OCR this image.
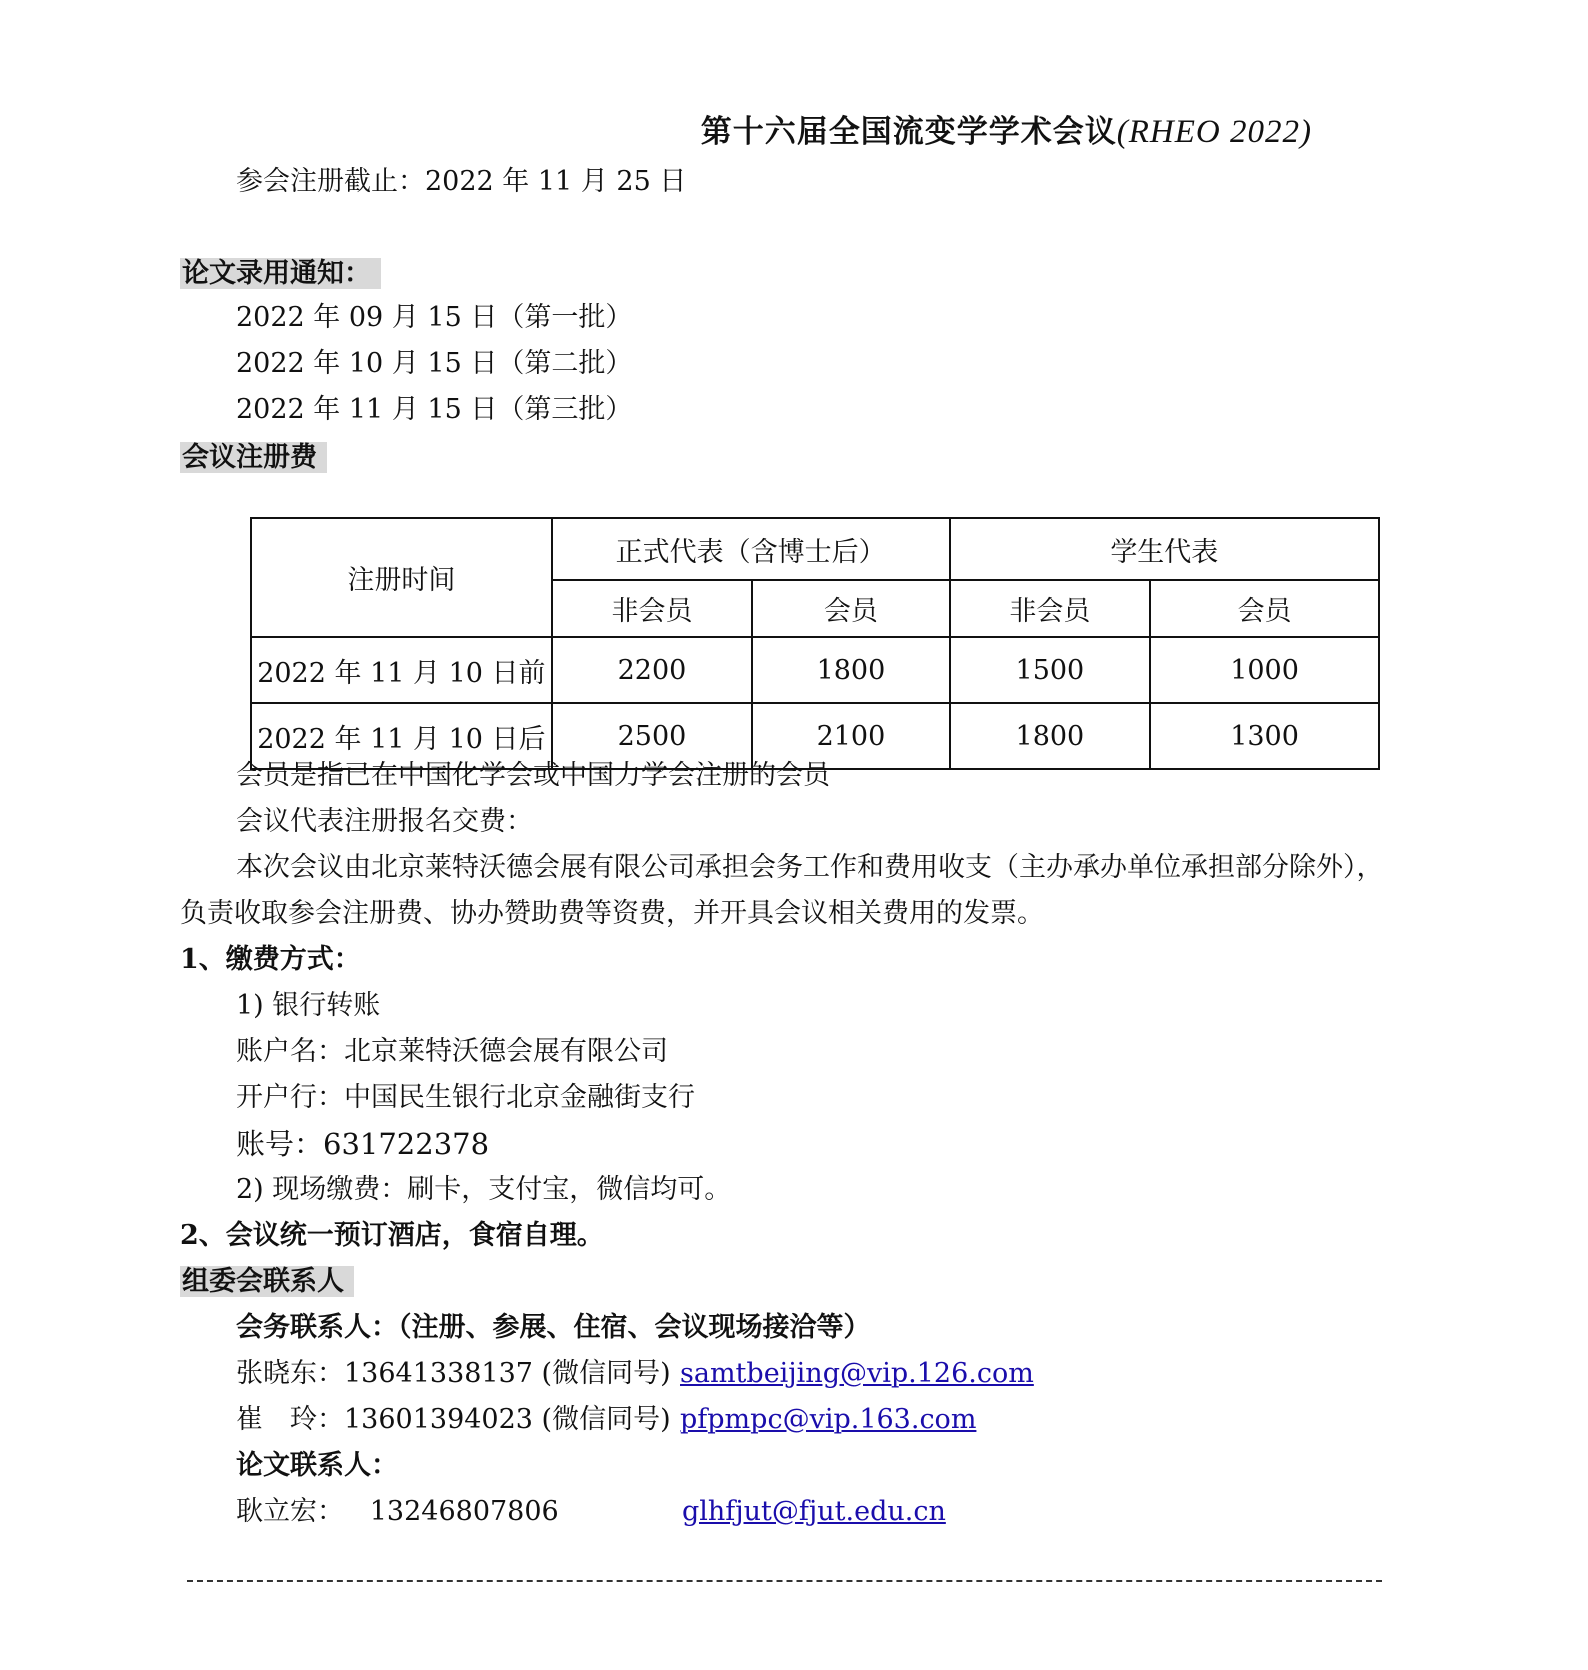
第十六届全国流变学学术会议(RHEO 2022)
参会注册截止：2022 年 11 月 25 日
论文录用通知：
2022 年 09 月 15 日（第一批）
2022 年 10 月 15 日（第二批）
2022 年 11 月 15 日（第三批）
会议注册费
注册时间	正式代表（含博士后）		学生代表	
	非会员	会员	非会员	会员
2022 年 11 月 10 日前	2200	1800	1500	1000
2022 年 11 月 10 日后	2500	2100	1800	1300
会员是指已在中国化学会或中国力学会注册的会员
会议代表注册报名交费：
本次会议由北京莱特沃德会展有限公司承担会务工作和费用收支（主办承办单位承担部分除外），
负责收取参会注册费、协办赞助费等资费，并开具会议相关费用的发票。
1、缴费方式：
1) 银行转账
账户名：北京莱特沃德会展有限公司
开户行：中国民生银行北京金融街支行
账号：631722378
2) 现场缴费：刷卡，支付宝，微信均可。
2、会议统一预订酒店，食宿自理。
组委会联系人
会务联系人：（注册、参展、住宿、会议现场接洽等）
张晓东：13641338137 (微信同号) samtbeijing@vip.126.com
崔　玲：13601394023 (微信同号) pfpmpc@vip.163.com
论文联系人：
耿立宏：   13246807806	glhfjut@fjut.edu.cn
